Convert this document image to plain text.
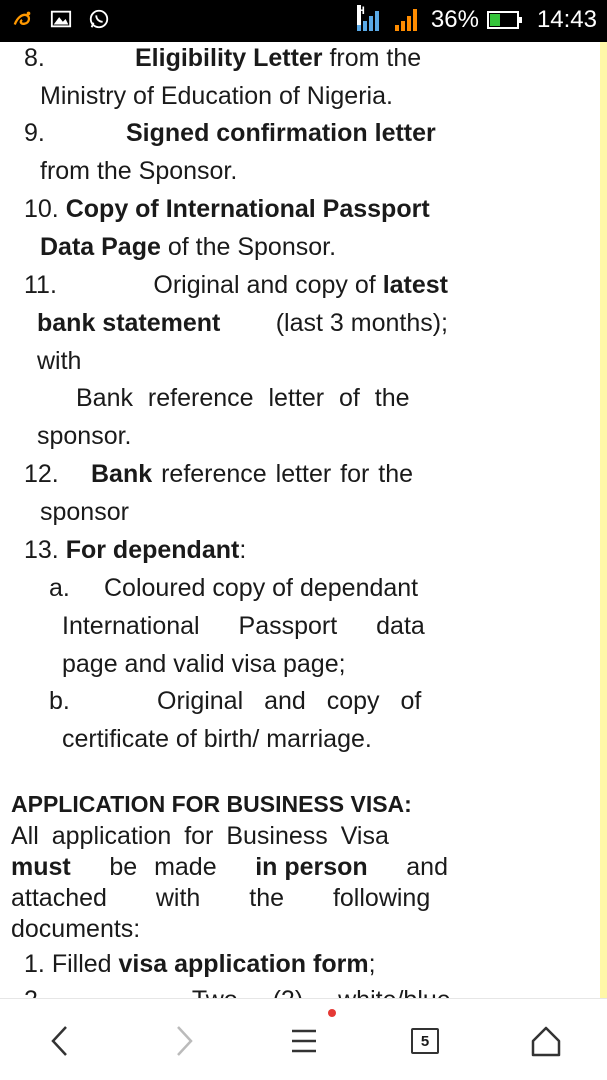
H	36% 14:43
8.	Eligibility Letter from the
Ministry of Education of Nigeria.
9.	Signed confirmation letter
from the Sponsor.
10. Copy of International Passport
Data Page of the Sponsor.
11.	Original and copy of latest
bank statement (last 3 months);
with
Bank reference letter of the
sponsor.
12. Bank reference letter for the
sponsor
13. For dependant:
a. Coloured copy of dependant
International Passport data
page and valid visa page;
b.	Original and copy of
certificate of birth/ marriage.
APPLICATION FOR BUSINESS VISA:
All application for Business Visa
must be made in person and
attached with the following
documents:
1. Filled visa application form;
5
